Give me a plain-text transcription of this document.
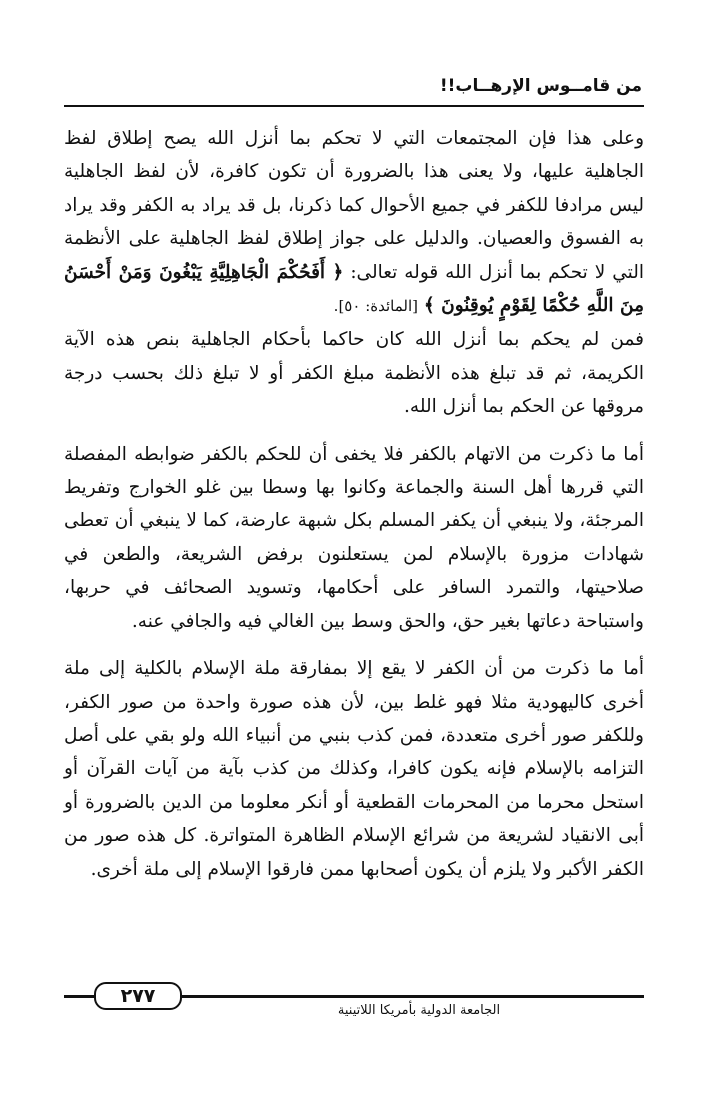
من قامــوس الإرهــاب!!

وعلى هذا فإن المجتمعات التي لا تحكم بما أنزل الله يصح إطلاق لفظ الجاهلية عليها، ولا يعنى هذا بالضرورة أن تكون كافرة، لأن لفظ الجاهلية ليس مرادفا للكفر في جميع الأحوال كما ذكرنا، بل قد يراد به الكفر وقد يراد به الفسوق والعصيان. والدليل على جواز إطلاق لفظ الجاهلية على الأنظمة التي لا تحكم بما أنزل الله قوله تعالى: ﴿ أَفَحُكْمَ الْجَاهِلِيَّةِ يَبْغُونَ وَمَنْ أَحْسَنُ مِنَ اللَّهِ حُكْمًا لِقَوْمٍ يُوقِنُونَ ﴾ [المائدة: ٥٠].

فمن لم يحكم بما أنزل الله كان حاكما بأحكام الجاهلية بنص هذه الآية الكريمة، ثم قد تبلغ هذه الأنظمة مبلغ الكفر أو لا تبلغ ذلك بحسب درجة مروقها عن الحكم بما أنزل الله.

أما ما ذكرت من الاتهام بالكفر فلا يخفى أن للحكم بالكفر ضوابطه المفصلة التي قررها أهل السنة والجماعة وكانوا بها وسطا بين غلو الخوارج وتفريط المرجئة، ولا ينبغي أن يكفر المسلم بكل شبهة عارضة، كما لا ينبغي أن تعطى شهادات مزورة بالإسلام لمن يستعلنون برفض الشريعة، والطعن في صلاحيتها، والتمرد السافر على أحكامها، وتسويد الصحائف في حربها، واستباحة دعاتها بغير حق، والحق وسط بين الغالي فيه والجافي عنه.

أما ما ذكرت من أن الكفر لا يقع إلا بمفارقة ملة الإسلام بالكلية إلى ملة أخرى كاليهودية مثلا فهو غلط بين، لأن هذه صورة واحدة من صور الكفر، وللكفر صور أخرى متعددة، فمن كذب بنبي من أنبياء الله ولو بقي على أصل التزامه بالإسلام فإنه يكون كافرا، وكذلك من كذب بآية من آيات القرآن أو استحل محرما من المحرمات القطعية أو أنكر معلوما من الدين بالضرورة أو أبى الانقياد لشريعة من شرائع الإسلام الظاهرة المتواترة. كل هذه صور من الكفر الأكبر ولا يلزم أن يكون أصحابها ممن فارقوا الإسلام إلى ملة أخرى.

٢٧٧
الجامعة الدولية بأمريكا اللاتينية
